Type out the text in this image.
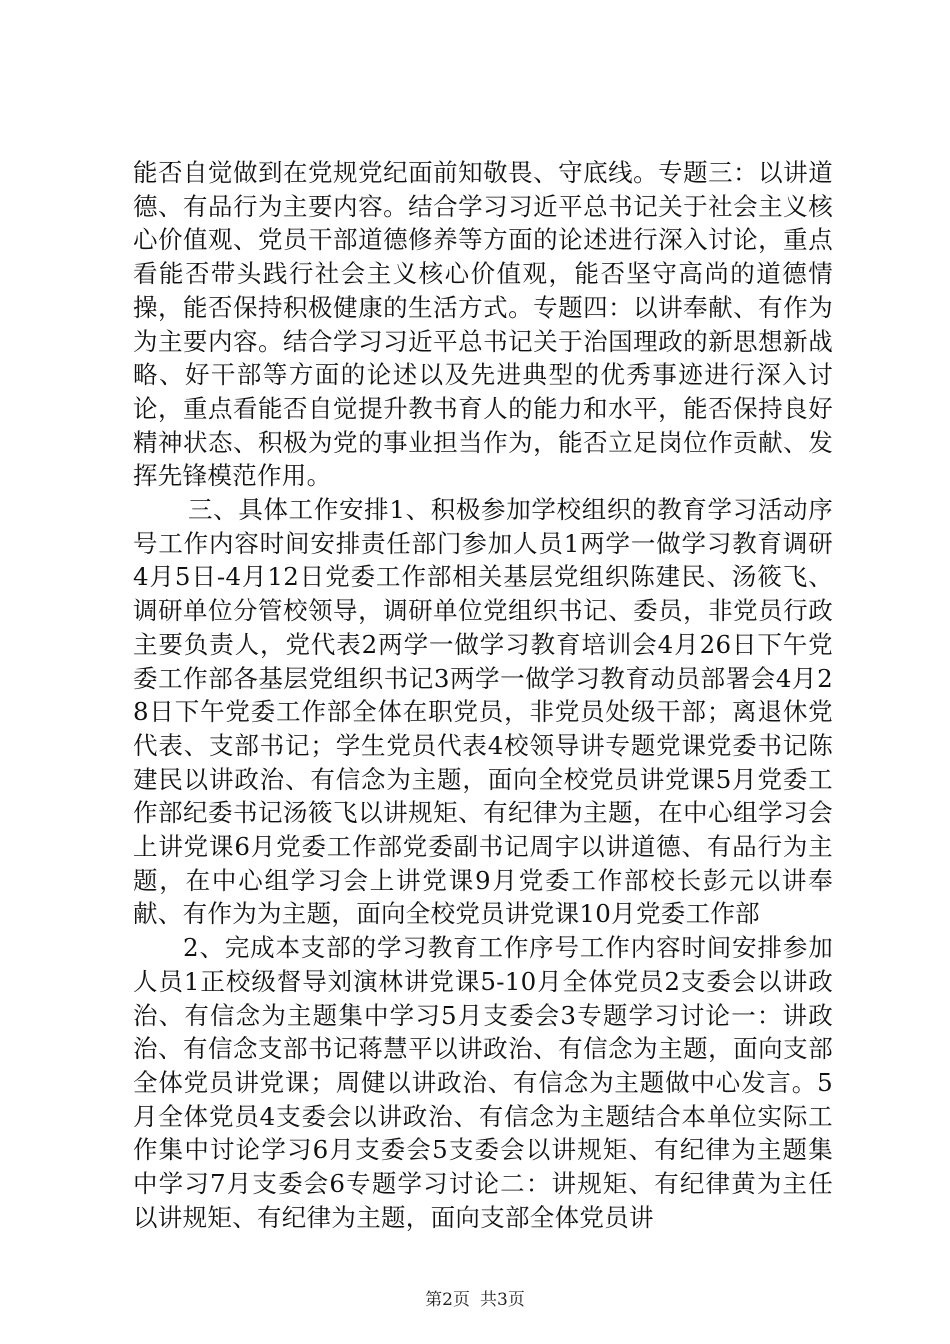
能否自觉做到在党规党纪面前知敬畏、守底线。专题三：以讲道德、有品行为主要内容。结合学习习近平总书记关于社会主义核心价值观、党员干部道德修养等方面的论述进行深入讨论，重点看能否带头践行社会主义核心价值观，能否坚守高尚的道德情操，能否保持积极健康的生活方式。专题四：以讲奉献、有作为为主要内容。结合学习习近平总书记关于治国理政的新思想新战略、好干部等方面的论述以及先进典型的优秀事迹进行深入讨论，重点看能否自觉提升教书育人的能力和水平，能否保持良好精神状态、积极为党的事业担当作为，能否立足岗位作贡献、发挥先锋模范作用。

三、具体工作安排1、积极参加学校组织的教育学习活动序号工作内容时间安排责任部门参加人员1两学一做学习教育调研4月5日-4月12日党委工作部相关基层党组织陈建民、汤筱飞、调研单位分管校领导，调研单位党组织书记、委员，非党员行政主要负责人，党代表2两学一做学习教育培训会4月26日下午党委工作部各基层党组织书记3两学一做学习教育动员部署会4月28日下午党委工作部全体在职党员，非党员处级干部；离退休党代表、支部书记；学生党员代表4校领导讲专题党课党委书记陈建民以讲政治、有信念为主题，面向全校党员讲党课5月党委工作部纪委书记汤筱飞以讲规矩、有纪律为主题，在中心组学习会上讲党课6月党委工作部党委副书记周宇以讲道德、有品行为主题，在中心组学习会上讲党课9月党委工作部校长彭元以讲奉献、有作为为主题，面向全校党员讲党课10月党委工作部

2、完成本支部的学习教育工作序号工作内容时间安排参加人员1正校级督导刘演林讲党课5-10月全体党员2支委会以讲政治、有信念为主题集中学习5月支委会3专题学习讨论一：讲政治、有信念支部书记蒋慧平以讲政治、有信念为主题，面向支部全体党员讲党课；周健以讲政治、有信念为主题做中心发言。5月全体党员4支委会以讲政治、有信念为主题结合本单位实际工作集中讨论学习6月支委会5支委会以讲规矩、有纪律为主题集中学习7月支委会6专题学习讨论二：讲规矩、有纪律黄为主任以讲规矩、有纪律为主题，面向支部全体党员讲

第2页 共3页
